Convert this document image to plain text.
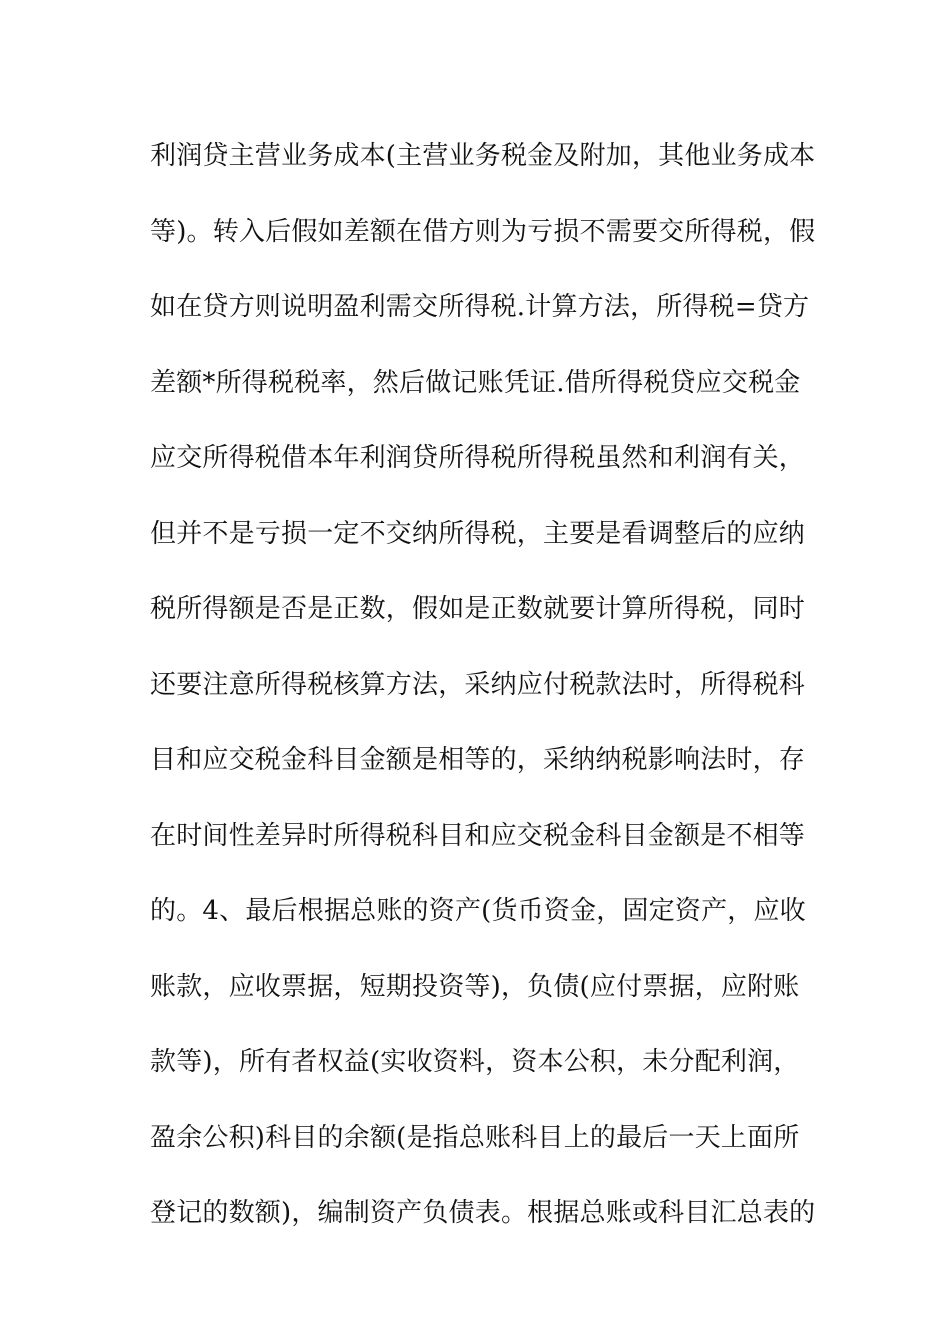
利润贷主营业务成本(主营业务税金及附加，其他业务成本
等)。转入后假如差额在借方则为亏损不需要交所得税，假
如在贷方则说明盈利需交所得税.计算方法，所得税=贷方
差额*所得税税率，然后做记账凭证.借所得税贷应交税金
应交所得税借本年利润贷所得税所得税虽然和利润有关，
但并不是亏损一定不交纳所得税，主要是看调整后的应纳
税所得额是否是正数，假如是正数就要计算所得税，同时
还要注意所得税核算方法，采纳应付税款法时，所得税科
目和应交税金科目金额是相等的，采纳纳税影响法时，存
在时间性差异时所得税科目和应交税金科目金额是不相等
的。4、最后根据总账的资产(货币资金，固定资产，应收
账款，应收票据，短期投资等)，负债(应付票据，应附账
款等)，所有者权益(实收资料，资本公积，未分配利润，
盈余公积)科目的余额(是指总账科目上的最后一天上面所
登记的数额)，编制资产负债表。根据总账或科目汇总表的
